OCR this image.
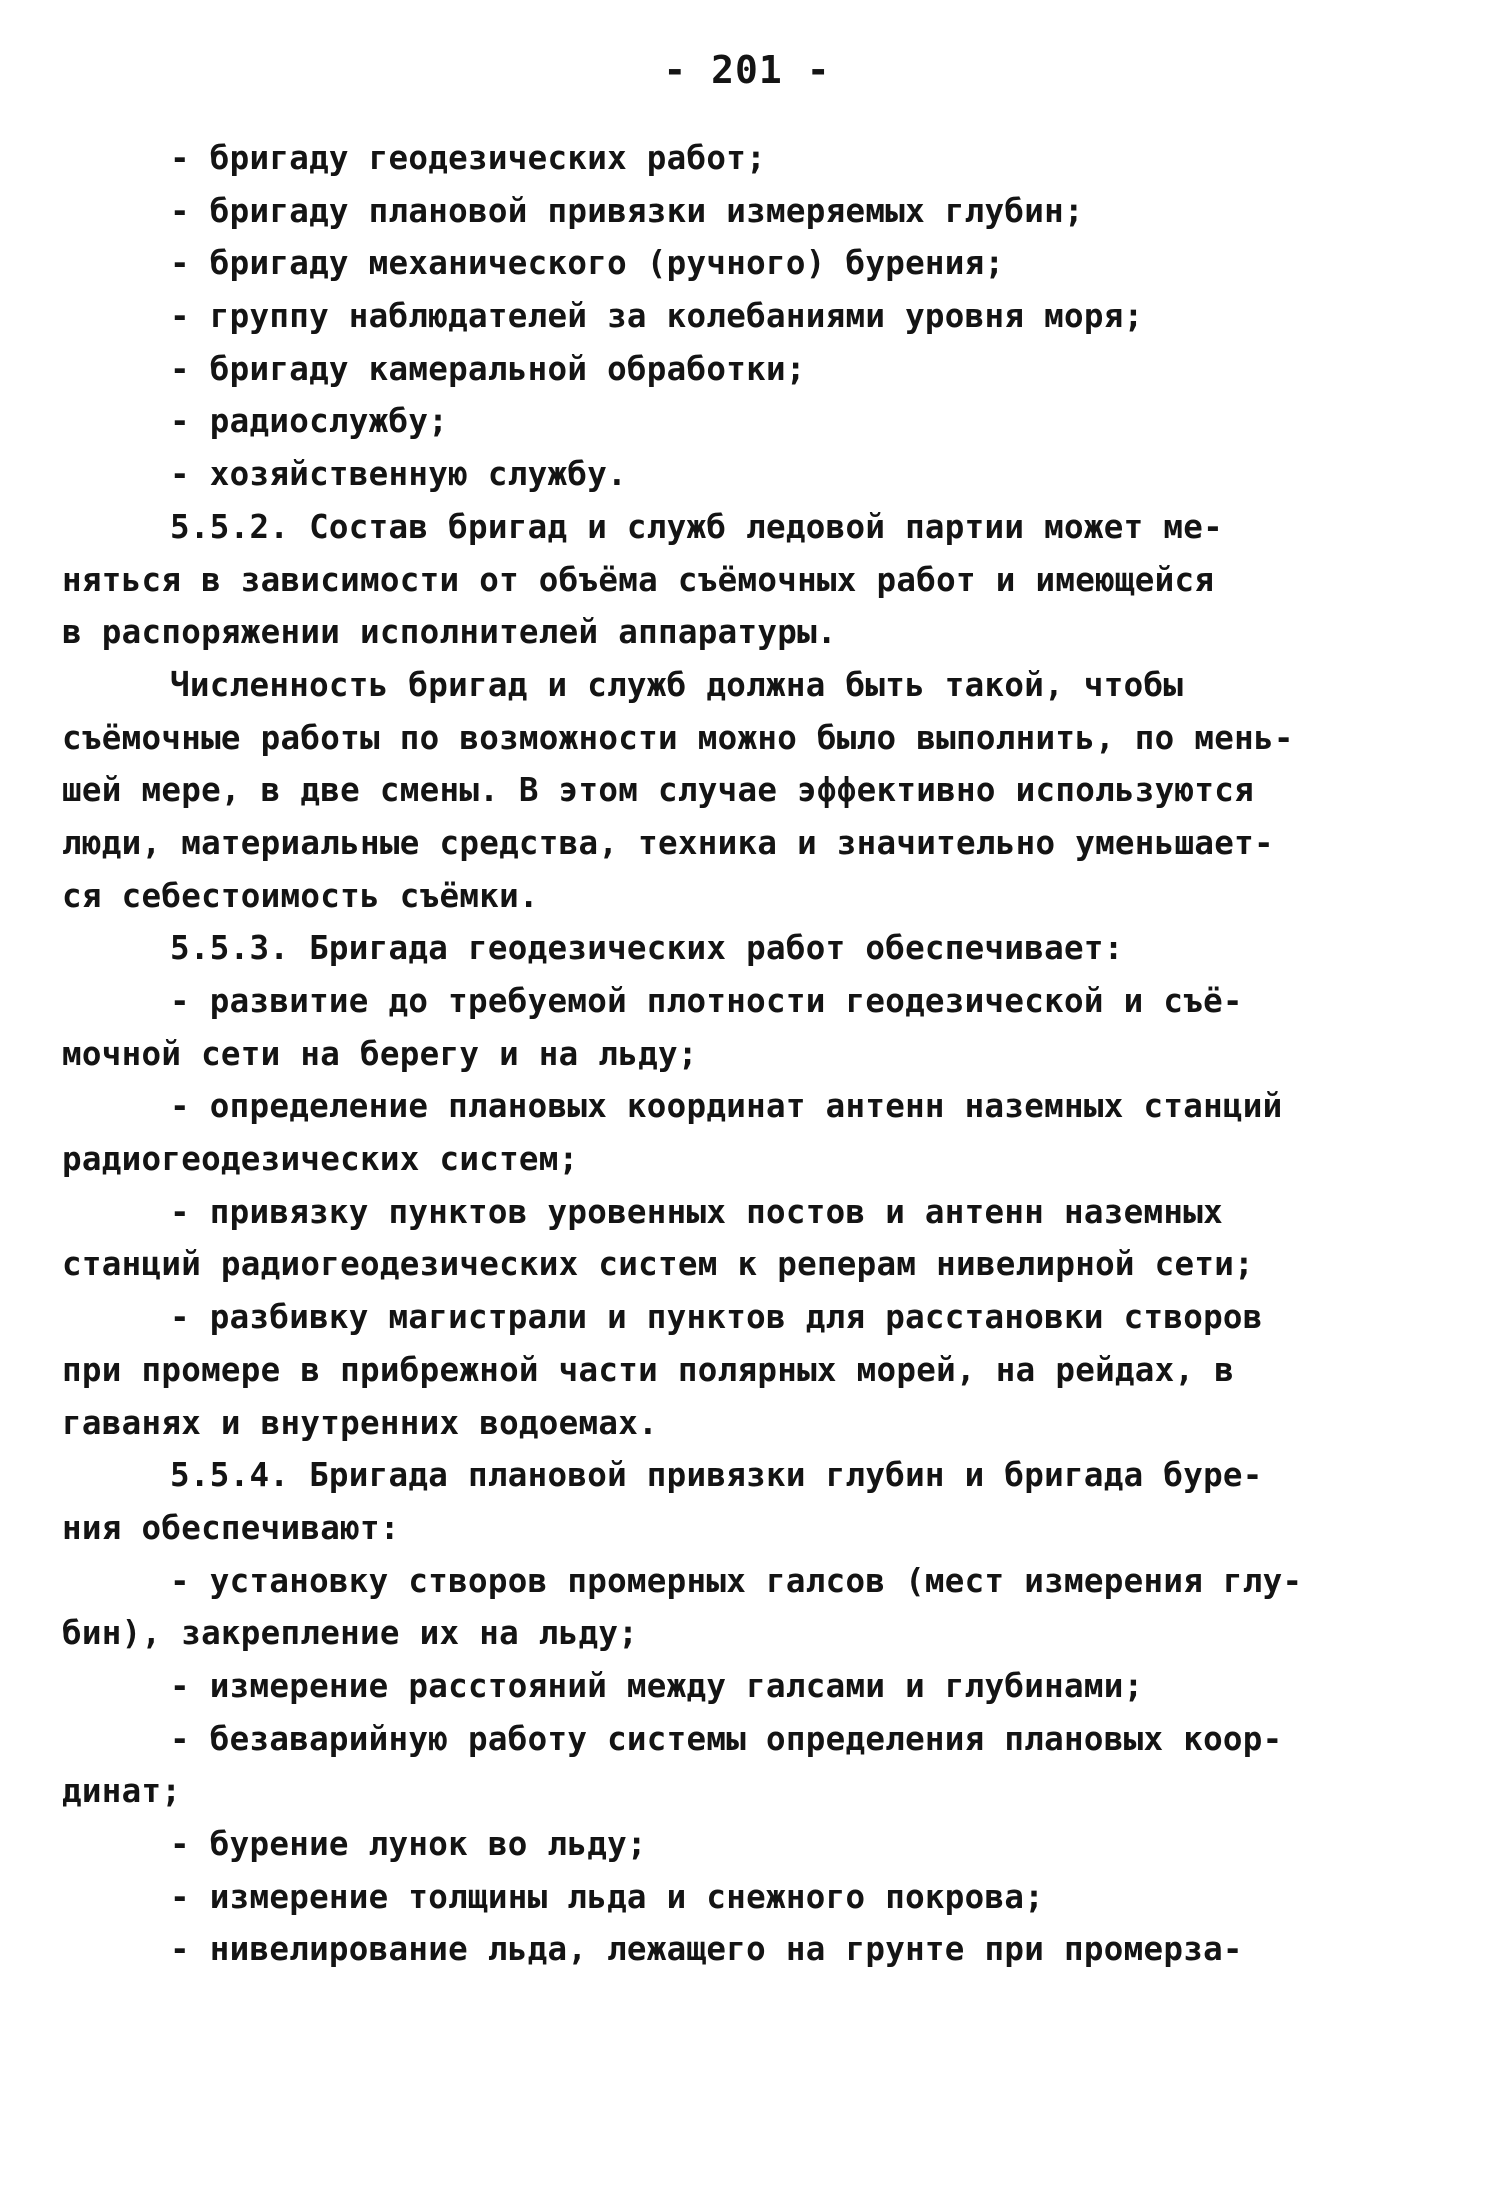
- 201 -
- бригаду геодезических работ;
- бригаду плановой привязки измеряемых глубин;
- бригаду механического (ручного) бурения;
- группу наблюдателей за колебаниями уровня моря;
- бригаду камеральной обработки;
- радиослужбу;
- хозяйственную службу.
5.5.2. Состав бригад и служб ледовой партии может ме-
няться в зависимости от объёма съёмочных работ и имеющейся
в распоряжении исполнителей аппаратуры.
Численность бригад и служб должна быть такой, чтобы
съёмочные работы по возможности можно было выполнить, по мень-
шей мере, в две смены. В этом случае эффективно используются
люди, материальные средства, техника и значительно уменьшает-
ся себестоимость съёмки.
5.5.3. Бригада геодезических работ обеспечивает:
- развитие до требуемой плотности геодезической и съё-
мочной сети на берегу и на льду;
- определение плановых координат антенн наземных станций
радиогеодезических систем;
- привязку пунктов уровенных постов и антенн наземных
станций радиогеодезических систем к реперам нивелирной сети;
- разбивку магистрали и пунктов для расстановки створов
при промере в прибрежной части полярных морей, на рейдах, в
гаванях и внутренних водоемах.
5.5.4. Бригада плановой привязки глубин и бригада буре-
ния обеспечивают:
- установку створов промерных галсов (мест измерения глу-
бин), закрепление их на льду;
- измерение расстояний между галсами и глубинами;
- безаварийную работу системы определения плановых коор-
динат;
- бурение лунок во льду;
- измерение толщины льда и снежного покрова;
- нивелирование льда, лежащего на грунте при промерза-
